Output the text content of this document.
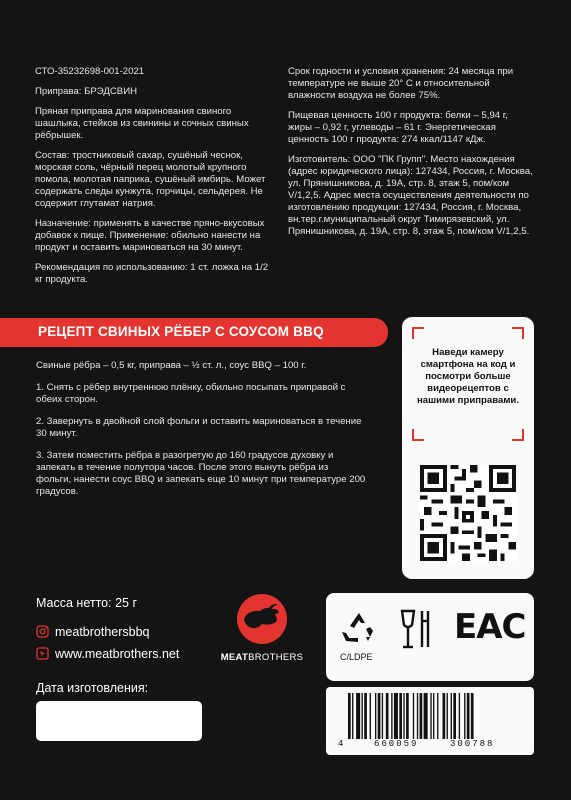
СТО-35232698-001-2021

Приправа: БРЭДСВИН

Пряная приправа для маринования свиного шашлыка, стейков из свинины и сочных свиных рёбрышек.

Состав: тростниковый сахар, сушёный чеснок, морская соль, чёрный перец молотый крупного помола, молотая паприка, сушёный имбирь. Может содержать следы кунжута, горчицы, сельдерея. Не содержит глутамат натрия.

Назначение: применять в качестве пряно-вкусовых добавок к пище. Применение: обильно нанести на продукт и оставить мариноваться на 30 минут.

Рекомендация по использованию: 1 ст. ложка на 1/2 кг продукта.

Срок годности и условия хранения: 24 месяца при температуре не выше 20° С и относительной влажности воздуха не более 75%.

Пищевая ценность 100 г продукта: белки – 5,94 г, жиры – 0,92 г, углеводы – 61 г. Энергетическая ценность 100 г продукта: 274 ккал/1147 кДж.

Изготовитель: ООО "ПК Групп". Место нахождения (адрес юридического лица): 127434, Россия, г. Москва, ул. Прянишникова, д. 19А, стр. 8, этаж 5, пом/ком V/1,2,5. Адрес места осуществления деятельности по изготовлению продукции: 127434, Россия, г. Москва, вн.тер.г.муниципальный округ Тимирязевский, ул. Прянишникова, д. 19А, стр. 8, этаж 5, пом/ком V/1,2,5.

РЕЦЕПТ СВИНЫХ РЁБЕР С СОУСОМ BBQ

Свиные рёбра – 0,5 кг, приправа – ½ ст. л., соус BBQ – 100 г.

1. Снять с рёбер внутреннюю плёнку, обильно посыпать приправой с обеих сторон.

2. Завернуть в двойной слой фольги и оставить мариноваться в течение 30 минут.

3. Затем поместить рёбра в разогретую до 160 градусов духовку и запекать в течение полутора часов. После этого вынуть рёбра из фольги, нанести соус BBQ и запекать еще 10 минут при температуре 200 градусов.

Наведи камеру смартфона на код и посмотри больше видеорецептов с нашими приправами.
Масса нетто: 25 г
meatbrothersbbq
www.meatbrothers.net
Дата изготовления:
MEATBROTHERS	C/LDPE
EAC
4	660059	300788
